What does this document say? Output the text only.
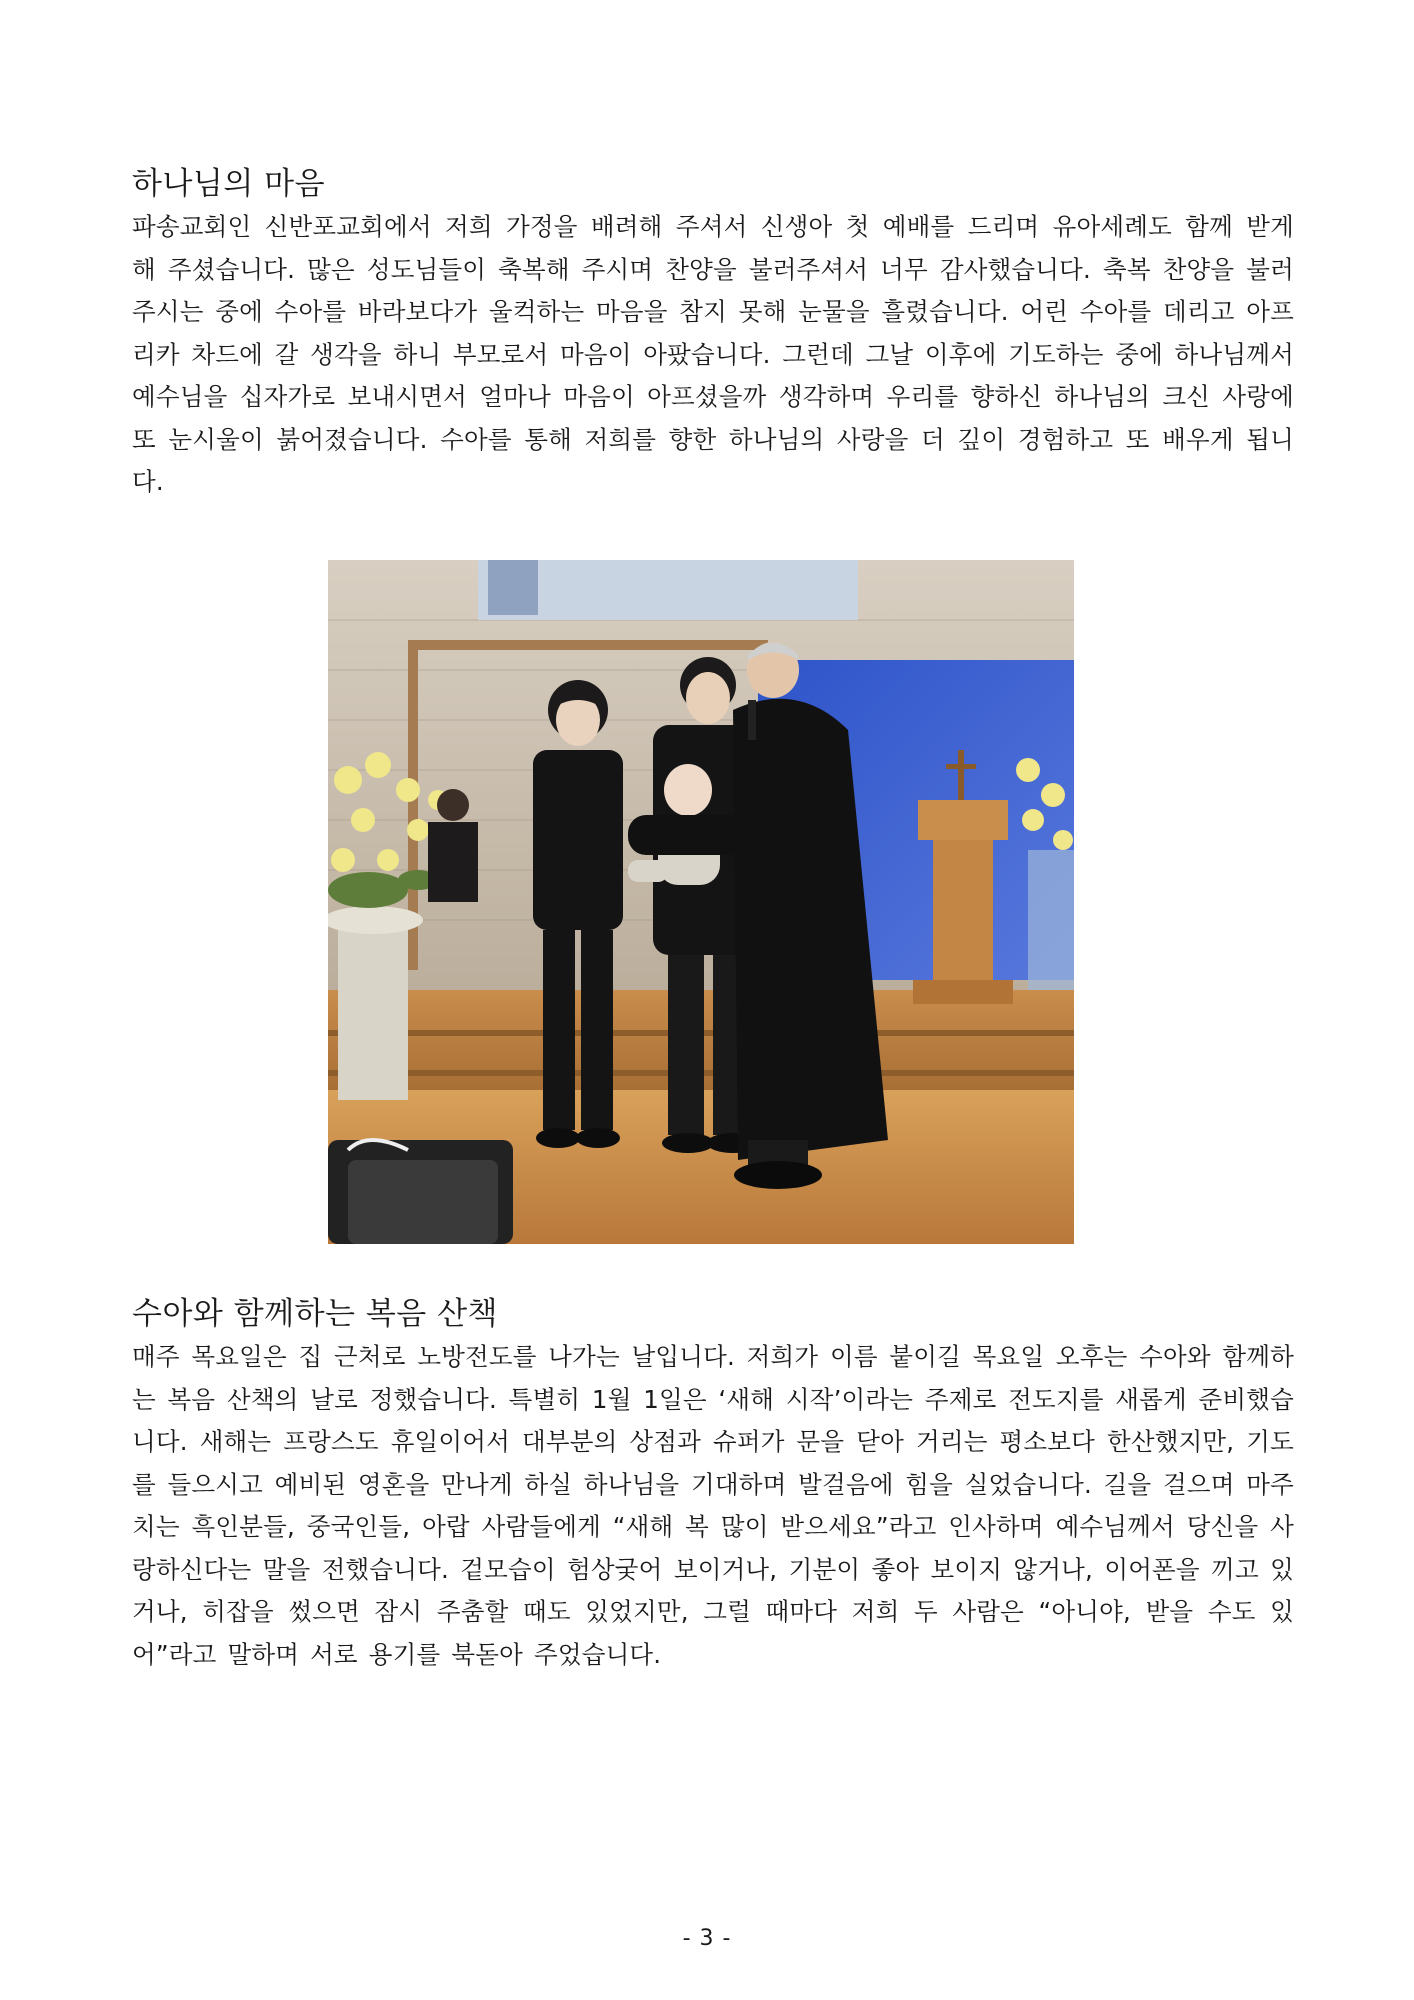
하나님의 마음

파송교회인 신반포교회에서 저희 가정을 배려해 주셔서 신생아 첫 예배를 드리며 유아세례도 함께 받게 해 주셨습니다. 많은 성도님들이 축복해 주시며 찬양을 불러주셔서 너무 감사했습니다. 축복 찬양을 불러주시는 중에 수아를 바라보다가 울컥하는 마음을 참지 못해 눈물을 흘렸습니다. 어린 수아를 데리고 아프리카 차드에 갈 생각을 하니 부모로서 마음이 아팠습니다. 그런데 그날 이후에 기도하는 중에 하나님께서 예수님을 십자가로 보내시면서 얼마나 마음이 아프셨을까 생각하며 우리를 향하신 하나님의 크신 사랑에 또 눈시울이 붉어졌습니다. 수아를 통해 저희를 향한 하나님의 사랑을 더 깊이 경험하고 또 배우게 됩니다.

수아와 함께하는 복음 산책

매주 목요일은 집 근처로 노방전도를 나가는 날입니다. 저희가 이름 붙이길 목요일 오후는 수아와 함께하는 복음 산책의 날로 정했습니다. 특별히 1월 1일은 ‘새해 시작’이라는 주제로 전도지를 새롭게 준비했습니다. 새해는 프랑스도 휴일이어서 대부분의 상점과 슈퍼가 문을 닫아 거리는 평소보다 한산했지만, 기도를 들으시고 예비된 영혼을 만나게 하실 하나님을 기대하며 발걸음에 힘을 실었습니다. 길을 걸으며 마주치는 흑인분들, 중국인들, 아랍 사람들에게 “새해 복 많이 받으세요”라고 인사하며 예수님께서 당신을 사랑하신다는 말을 전했습니다. 겉모습이 험상궂어 보이거나, 기분이 좋아 보이지 않거나, 이어폰을 끼고 있거나, 히잡을 썼으면 잠시 주춤할 때도 있었지만, 그럴 때마다 저희 두 사람은 “아니야, 받을 수도 있어”라고 말하며 서로 용기를 북돋아 주었습니다.

- 3 -
